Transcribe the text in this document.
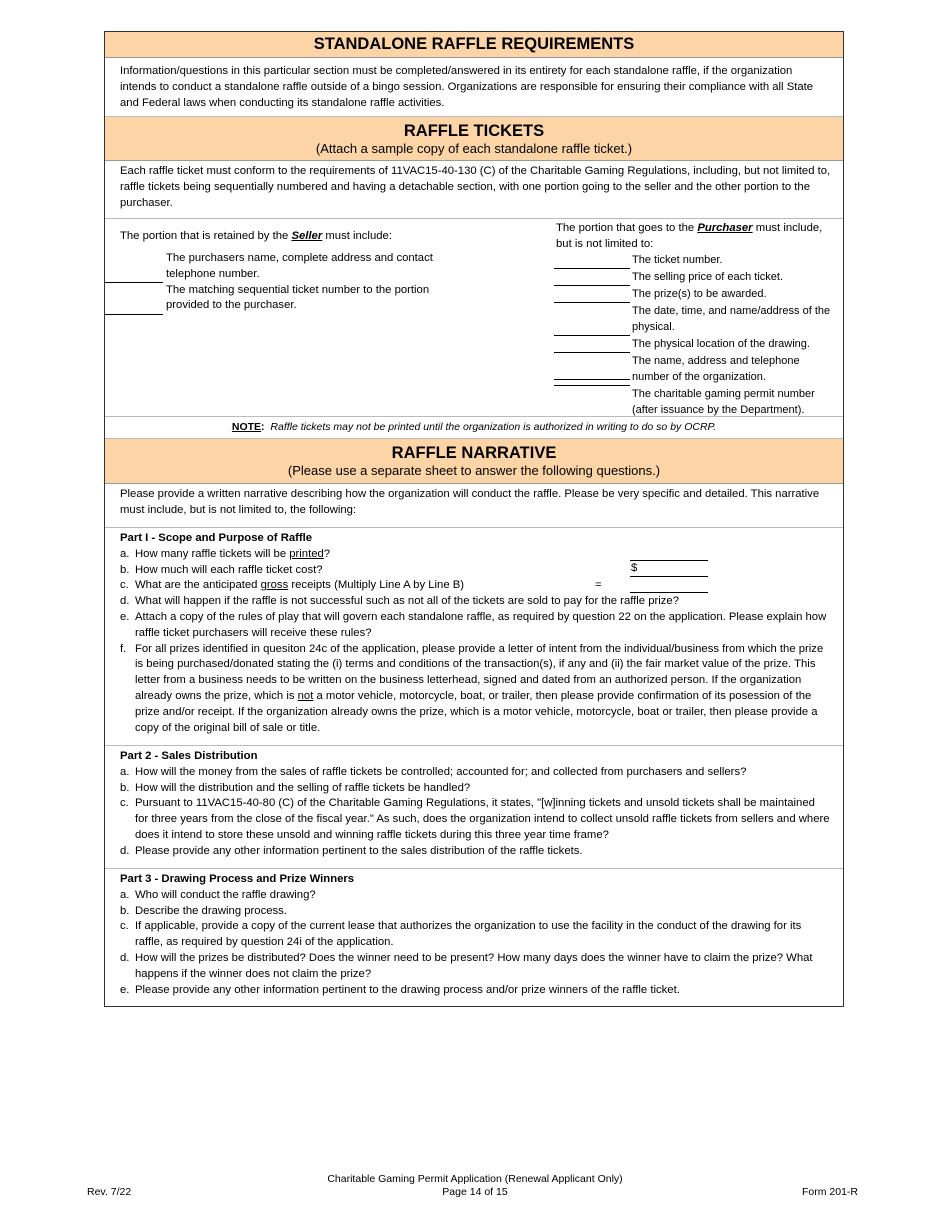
STANDALONE RAFFLE REQUIREMENTS
Information/questions in this particular section must be completed/answered in its entirety for each standalone raffle, if the organization intends to conduct a standalone raffle outside of a bingo session. Organizations are responsible for ensuring their compliance with all State and Federal laws when conducting its standalone raffle activities.
RAFFLE TICKETS
(Attach a sample copy of each standalone raffle ticket.)
Each raffle ticket must conform to the requirements of 11VAC15-40-130 (C) of the Charitable Gaming Regulations, including, but not limited to, raffle tickets being sequentially numbered and having a detachable section, with one portion going to the seller and the other portion to the purchaser.
The portion that is retained by the Seller must include:
The purchasers name, complete address and contact telephone number.
The matching sequential ticket number to the portion provided to the purchaser.
The portion that goes to the Purchaser must include, but is not limited to:
The ticket number.
The selling price of each ticket.
The prize(s) to be awarded.
The date, time, and name/address of the physical.
The physical location of the drawing.
The name, address and telephone number of the organization.
The charitable gaming permit number (after issuance by the Department).
NOTE: Raffle tickets may not be printed until the organization is authorized in writing to do so by OCRP.
RAFFLE NARRATIVE
(Please use a separate sheet to answer the following questions.)
Please provide a written narrative describing how the organization will conduct the raffle. Please be very specific and detailed. This narrative must include, but is not limited to, the following:
Part I - Scope and Purpose of Raffle
a. How many raffle tickets will be printed?
b. How much will each raffle ticket cost?
c. What are the anticipated gross receipts (Multiply Line A by Line B)	=
$
d. What will happen if the raffle is not successful such as not all of the tickets are sold to pay for the raffle prize?
e. Attach a copy of the rules of play that will govern each standalone raffle, as required by question 22 on the application. Please explain how raffle ticket purchasers will receive these rules?
f. For all prizes identified in quesiton 24c of the application, please provide a letter of intent from the individual/business from which the prize is being purchased/donated stating the (i) terms and conditions of the transaction(s), if any and (ii) the fair market value of the prize. This letter from a business needs to be written on the business letterhead, signed and dated from an authorized person. If the organization already owns the prize, which is not a motor vehicle, motorcycle, boat, or trailer, then please provide confirmation of its posession of the prize and/or receipt. If the organization already owns the prize, which is a motor vehicle, motorcycle, boat or trailer, then please provide a copy of the original bill of sale or title.
Part 2 - Sales Distribution
a. How will the money from the sales of raffle tickets be controlled; accounted for; and collected from purchasers and sellers?
b. How will the distribution and the selling of raffle tickets be handled?
c. Pursuant to 11VAC15-40-80 (C) of the Charitable Gaming Regulations, it states, "[w]inning tickets and unsold tickets shall be maintained for three years from the close of the fiscal year." As such, does the organization intend to collect unsold raffle tickets from sellers and where does it intend to store these unsold and winning raffle tickets during this three year time frame?
d. Please provide any other information pertinent to the sales distribution of the raffle tickets.
Part 3 - Drawing Process and Prize Winners
a. Who will conduct the raffle drawing?
b. Describe the drawing process.
c. If applicable, provide a copy of the current lease that authorizes the organization to use the facility in the conduct of the drawing for its raffle, as required by question 24i of the application.
d. How will the prizes be distributed? Does the winner need to be present? How many days does the winner have to claim the prize? What happens if the winner does not claim the prize?
e. Please provide any other information pertinent to the drawing process and/or prize winners of the raffle ticket.
Rev. 7/22
Charitable Gaming Permit Application (Renewal Applicant Only)
Page 14 of 15	Form 201-R
